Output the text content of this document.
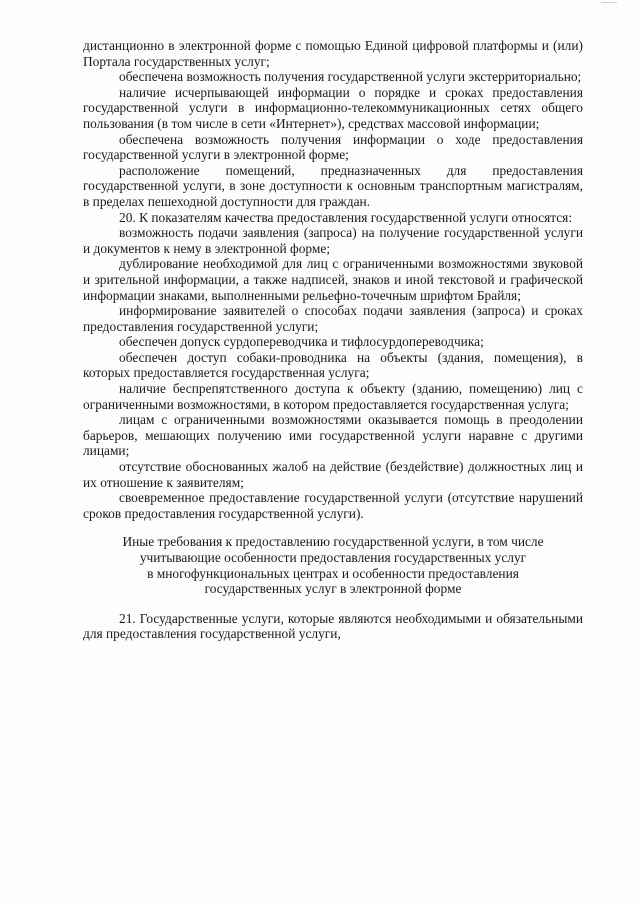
дистанционно в электронной форме с помощью Единой цифровой платформы и (или) Портала государственных услуг;

обеспечена возможность получения государственной услуги экстерриториально;

наличие исчерпывающей информации о порядке и сроках предоставления государственной услуги в информационно-телекоммуникационных сетях общего пользования (в том числе в сети «Интернет»), средствах массовой информации;

обеспечена возможность получения информации о ходе предоставления государственной услуги в электронной форме;

расположение помещений, предназначенных для предоставления государственной услуги, в зоне доступности к основным транспортным магистралям, в пределах пешеходной доступности для граждан.

20. К показателям качества предоставления государственной услуги относятся:

возможность подачи заявления (запроса) на получение государственной услуги и документов к нему в электронной форме;

дублирование необходимой для лиц с ограниченными возможностями звуковой и зрительной информации, а также надписей, знаков и иной текстовой и графической информации знаками, выполненными рельефно-точечным шрифтом Брайля;

информирование заявителей о способах подачи заявления (запроса) и сроках предоставления государственной услуги;

обеспечен допуск сурдопереводчика и тифлосурдопереводчика;

обеспечен доступ собаки-проводника на объекты (здания, помещения), в которых предоставляется государственная услуга;

наличие беспрепятственного доступа к объекту (зданию, помещению) лиц с ограниченными возможностями, в котором предоставляется государственная услуга;

лицам с ограниченными возможностями оказывается помощь в преодолении барьеров, мешающих получению ими государственной услуги наравне с другими лицами;

отсутствие обоснованных жалоб на действие (бездействие) должностных лиц и их отношение к заявителям;

своевременное предоставление государственной услуги (отсутствие нарушений сроков предоставления государственной услуги).

Иные требования к предоставлению государственной услуги, в том числе
учитывающие особенности предоставления государственных услуг
в многофункциональных центрах и особенности предоставления
государственных услуг в электронной форме

21. Государственные услуги, которые являются необходимыми и обязательными для предоставления государственной услуги,
